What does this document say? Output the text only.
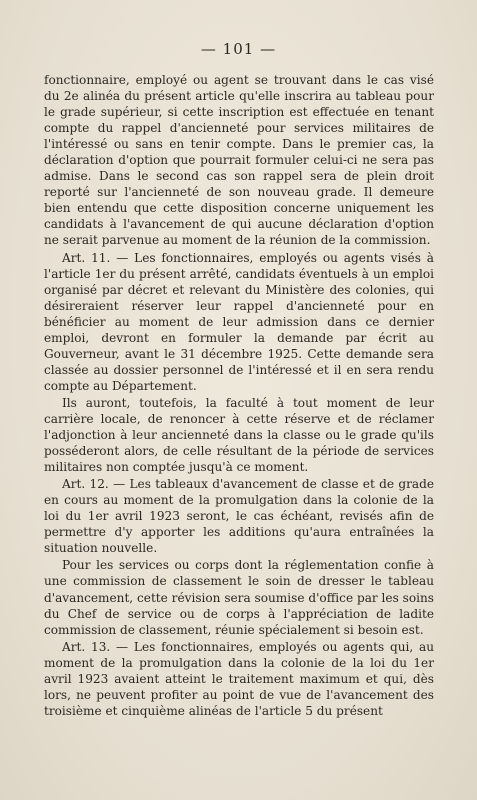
— 101 —

fonctionnaire, employé ou agent se trouvant dans le cas visé du 2e alinéa du présent article qu'elle inscrira au tableau pour le grade supérieur, si cette inscription est effectuée en tenant compte du rappel d'ancienneté pour services militaires de l'intéressé ou sans en tenir compte. Dans le premier cas, la déclaration d'option que pourrait formuler celui-ci ne sera pas admise. Dans le second cas son rappel sera de plein droit reporté sur l'ancienneté de son nouveau grade. Il demeure bien entendu que cette disposition concerne uniquement les candidats à l'avancement de qui aucune déclaration d'option ne serait parvenue au moment de la réunion de la commission.

Art. 11. — Les fonctionnaires, employés ou agents visés à l'article 1er du présent arrêté, candidats éventuels à un emploi organisé par décret et relevant du Ministère des colonies, qui désireraient réserver leur rappel d'ancienneté pour en bénéficier au moment de leur admission dans ce dernier emploi, devront en formuler la demande par écrit au Gouverneur, avant le 31 décembre 1925. Cette demande sera classée au dossier personnel de l'intéressé et il en sera rendu compte au Département.

Ils auront, toutefois, la faculté à tout moment de leur carrière locale, de renoncer à cette réserve et de réclamer l'adjonction à leur ancienneté dans la classe ou le grade qu'ils posséderont alors, de celle résultant de la période de services militaires non comptée jusqu'à ce moment.

Art. 12. — Les tableaux d'avancement de classe et de grade en cours au moment de la promulgation dans la colonie de la loi du 1er avril 1923 seront, le cas échéant, revisés afin de permettre d'y apporter les additions qu'aura entraînées la situation nouvelle.

Pour les services ou corps dont la réglementation confie à une commission de classement le soin de dresser le tableau d'avancement, cette révision sera soumise d'office par les soins du Chef de service ou de corps à l'appréciation de ladite commission de classement, réunie spécialement si besoin est.

Art. 13. — Les fonctionnaires, employés ou agents qui, au moment de la promulgation dans la colonie de la loi du 1er avril 1923 avaient atteint le traitement maximum et qui, dès lors, ne peuvent profiter au point de vue de l'avancement des troisième et cinquième alinéas de l'article 5 du présent
